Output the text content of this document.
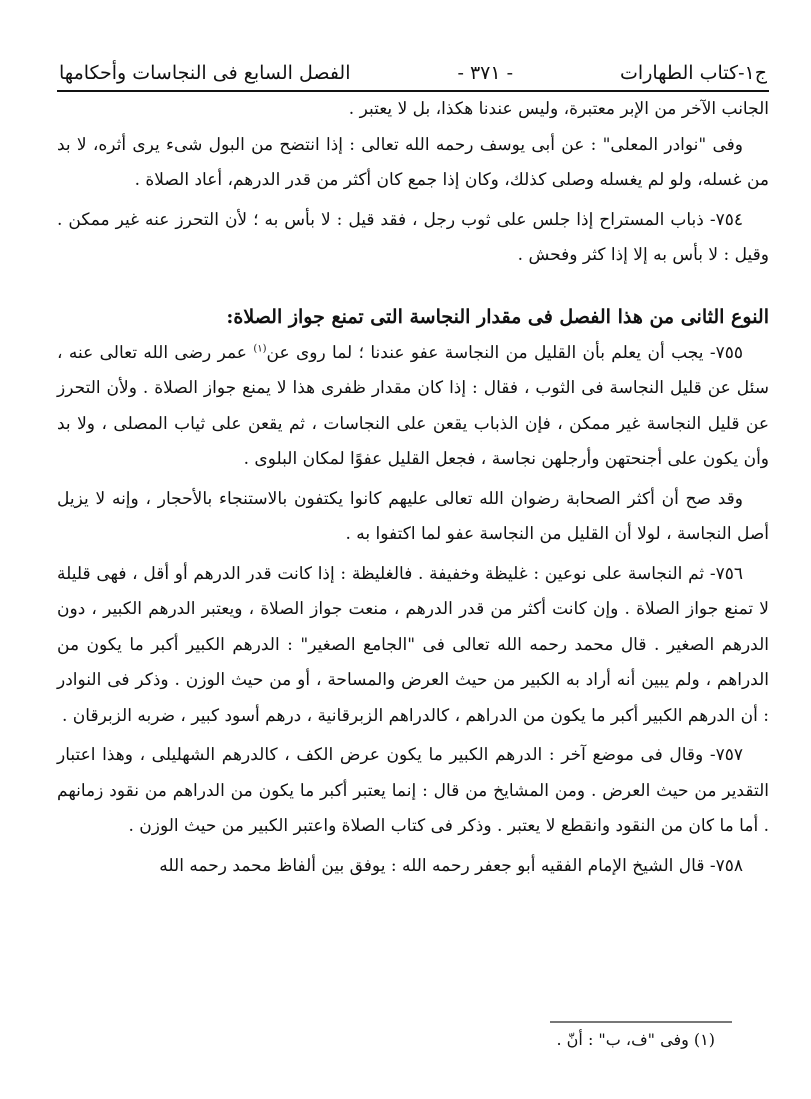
ج١-كتاب الطهارات
- ٣٧١ -
الفصل السابع فى النجاسات وأحكامها

الجانب الآخر من الإبر معتبرة، وليس عندنا هكذا، بل لا يعتبر .

وفى "نوادر المعلى" : عن أبى يوسف رحمه الله تعالى : إذا انتضح من البول شىء يرى أثره، لا بد من غسله، ولو لم يغسله وصلى كذلك، وكان إذا جمع كان أكثر من قدر الدرهم، أعاد الصلاة .

٧٥٤- ذباب المستراح إذا جلس على ثوب رجل ، فقد قيل : لا بأس به ؛ لأن التحرز عنه غير ممكن . وقيل : لا بأس به إلا إذا كثر وفحش .

النوع الثانى من هذا الفصل فى مقدار النجاسة التى تمنع جواز الصلاة:

٧٥٥- يجب أن يعلم بأن القليل من النجاسة عفو عندنا ؛ لما روى عن$^{(١)}$ عمر رضى الله تعالى عنه ، سئل عن قليل النجاسة فى الثوب ، فقال : إذا كان مقدار ظفرى هذا لا يمنع جواز الصلاة . ولأن التحرز عن قليل النجاسة غير ممكن ، فإن الذباب يقعن على النجاسات ، ثم يقعن على ثياب المصلى ، ولا بد وأن يكون على أجنحتهن وأرجلهن نجاسة ، فجعل القليل عفوًا لمكان البلوى .

وقد صح أن أكثر الصحابة رضوان الله تعالى عليهم كانوا يكتفون بالاستنجاء بالأحجار ، وإنه لا يزيل أصل النجاسة ، لولا أن القليل من النجاسة عفو لما اكتفوا به .

٧٥٦- ثم النجاسة على نوعين : غليظة وخفيفة . فالغليظة : إذا كانت قدر الدرهم أو أقل ، فهى قليلة لا تمنع جواز الصلاة . وإن كانت أكثر من قدر الدرهم ، منعت جواز الصلاة ، ويعتبر الدرهم الكبير ، دون الدرهم الصغير . قال محمد رحمه الله تعالى فى "الجامع الصغير" : الدرهم الكبير أكبر ما يكون من الدراهم ، ولم يبين أنه أراد به الكبير من حيث العرض والمساحة ، أو من حيث الوزن . وذكر فى النوادر : أن الدرهم الكبير أكبر ما يكون من الدراهم ، كالدراهم الزبرقانية ، درهم أسود كبير ، ضربه الزبرقان .

٧٥٧- وقال فى موضع آخر : الدرهم الكبير ما يكون عرض الكف ، كالدرهم الشهليلى ، وهذا اعتبار التقدير من حيث العرض . ومن المشايخ من قال : إنما يعتبر أكبر ما يكون من الدراهم من نقود زمانهم . أما ما كان من النقود وانقطع لا يعتبر . وذكر فى كتاب الصلاة واعتبر الكبير من حيث الوزن .

٧٥٨- قال الشيخ الإمام الفقيه أبو جعفر رحمه الله : يوفق بين ألفاظ محمد رحمه الله

(١) وفى "ف، ب" : أنّ .
